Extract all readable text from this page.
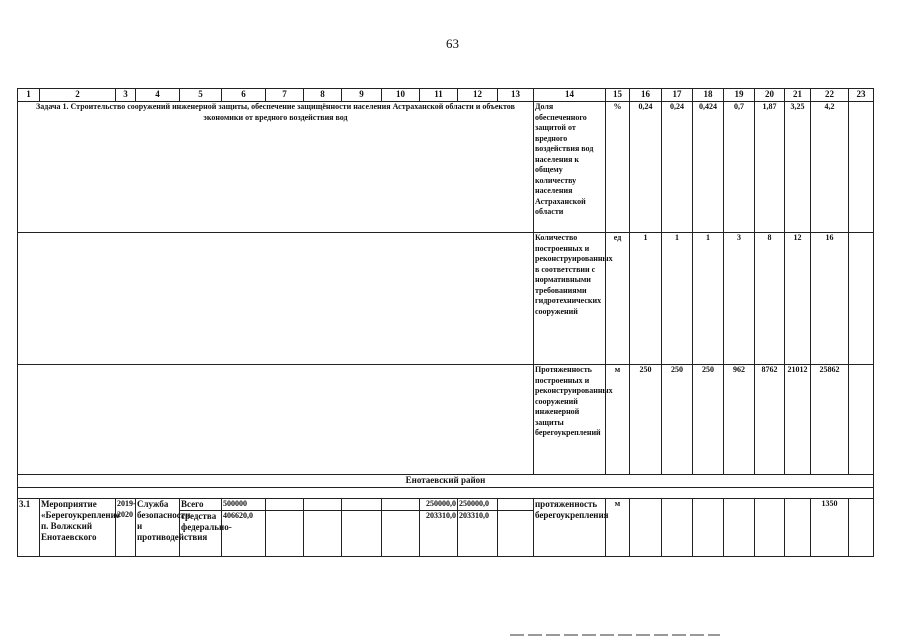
63
1	2	3	4	5	6	7	8	9	10	11	12	13	14	15	16	17	18	19	20	21	22	23
Задача 1. Строительство сооружений инженерной защиты, обеспечение защищённости населения Астраханской области и объектов экономики от вредного воздействия вод													Доля обеспеченного защитой от вредного воздействия вод населения к общему количеству населения Астраханской области	%	0,24	0,24	0,424	0,7	1,87	3,25	4,2	
													Количество построенных и реконструированных в соответствии с нормативными требованиями гидротехнических сооружений	ед	1	1	1	3	8	12	16	
													Протяженность построенных и реконструированных сооружений инженерной защиты берегоукреплений	м	250	250	250	962	8762	21012	25862	
Енотаевский район																						

3.1	Мероприятие «Берегоукрепление п. Волжский Енотаевского	2019-2020	Служба безопасности и противодействия	Всего	500000					250000,0	250000,0		протяженность берегоукрепления	м							1350	
				средства федерально-	406620,0					203310,0	203310,0											
